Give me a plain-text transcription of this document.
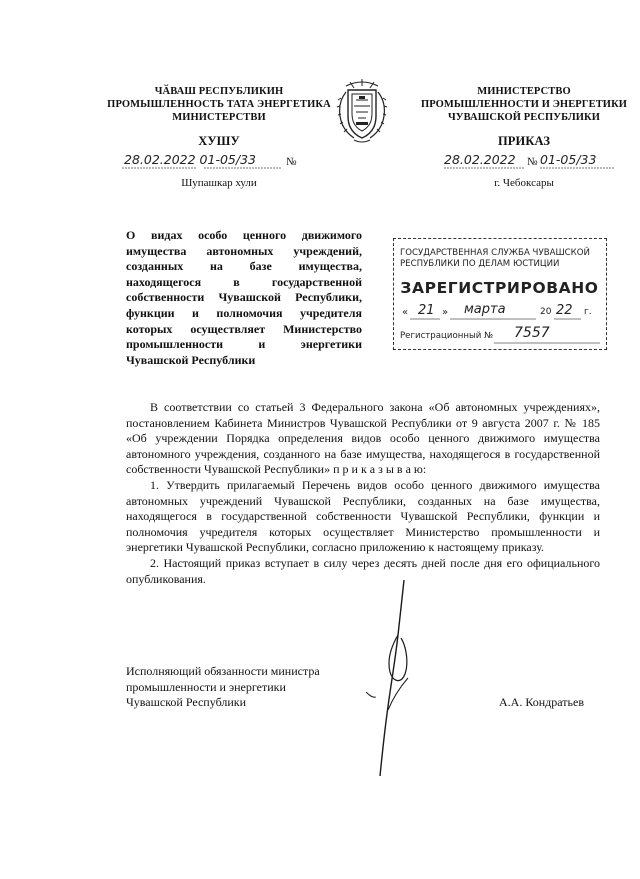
ЧӐВАШ РЕСПУБЛИКИН
ПРОМЫШЛЕННОСТЬ ТАТА ЭНЕРГЕТИКА
МИНИСТЕРСТВИ
ХУШУ
28.02.2022 01-05/33	№
Шупашкар хули
МИНИСТЕРСТВО
ПРОМЫШЛЕННОСТИ И ЭНЕРГЕТИКИ
ЧУВАШСКОЙ РЕСПУБЛИКИ
ПРИКАЗ
28.02.2022	№ 01-05/33
г. Чебоксары
О видах особо ценного движимого имущества автономных учреждений, созданных на базе имущества, находящегося в государственной собственности Чувашской Республики, функции и полномочия учредителя которых осуществляет Министерство промышленности и энергетики Чувашской Республики
ГОСУДАРСТВЕННАЯ СЛУЖБА ЧУВАШСКОЙ
РЕСПУБЛИКИ ПО ДЕЛАМ ЮСТИЦИИ
ЗАРЕГИСТРИРОВАНО
« 21 » марта	20 22 г.
Регистрационный № 7557

В соответствии со статьей 3 Федерального закона «Об автономных учреждениях», постановлением Кабинета Министров Чувашской Республики от 9 августа 2007 г. № 185 «Об учреждении Порядка определения видов особо ценного движимого имущества автономного учреждения, созданного на базе имущества, находящегося в государственной собственности Чувашской Республики» п р и к а з ы в а ю:

1. Утвердить прилагаемый Перечень видов особо ценного движимого имущества автономных учреждений Чувашской Республики, созданных на базе имущества, находящегося в государственной собственности Чувашской Республики, функции и полномочия учредителя которых осуществляет Министерство промышленности и энергетики Чувашской Республики, согласно приложению к настоящему приказу.

2. Настоящий приказ вступает в силу через десять дней после дня его официального опубликования.

Исполняющий обязанности министра
промышленности и энергетики
Чувашской Республики	А.А. Кондратьев
